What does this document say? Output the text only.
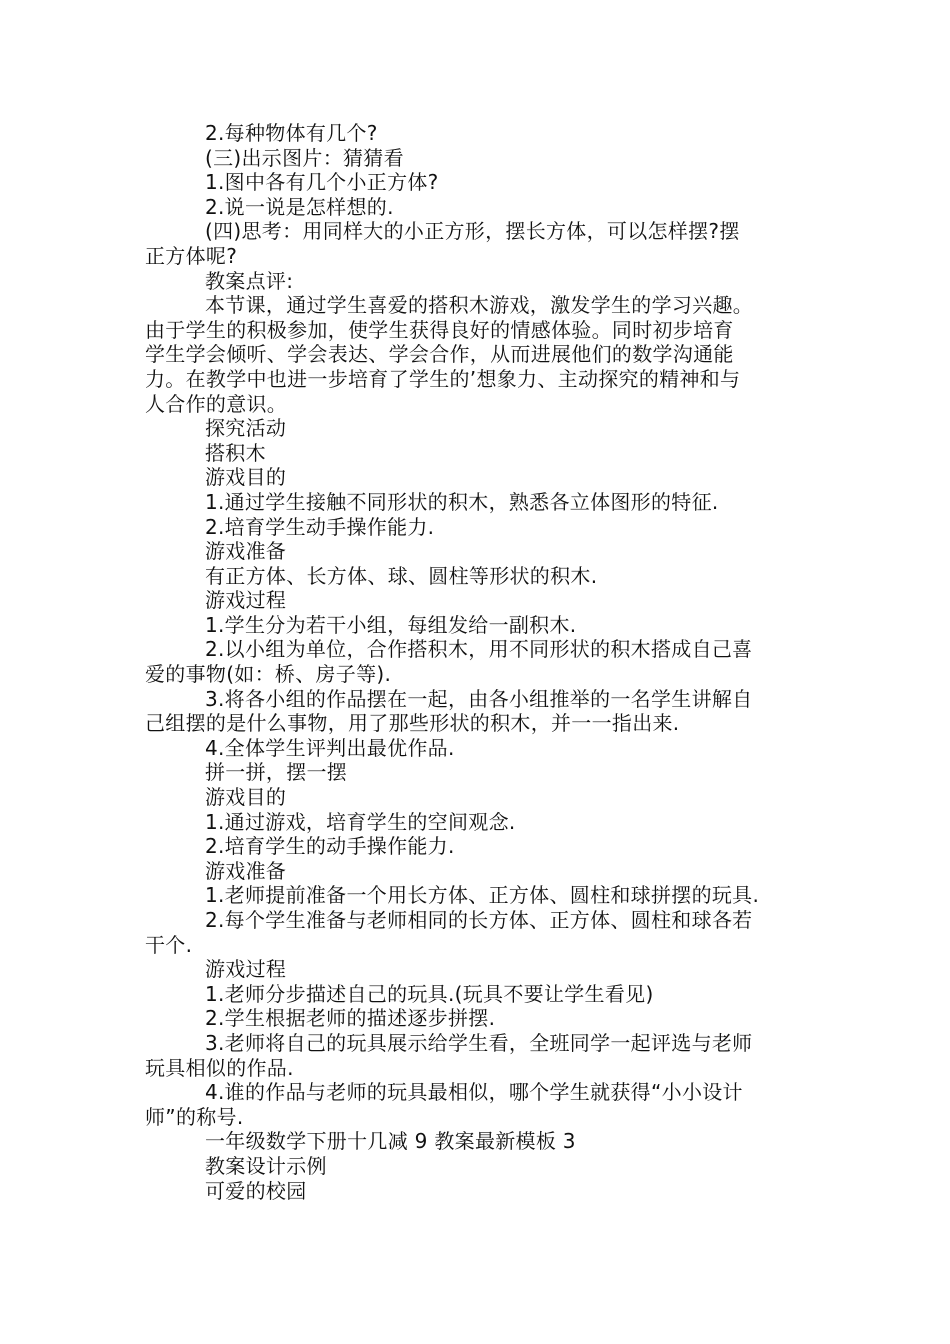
2.每种物体有几个?
(三)出示图片：猜猜看
1.图中各有几个小正方体?
2.说一说是怎样想的.
(四)思考：用同样大的小正方形，摆长方体，可以怎样摆?摆
正方体呢?
教案点评:
本节课，通过学生喜爱的搭积木游戏，激发学生的学习兴趣。
由于学生的积极参加，使学生获得良好的情感体验。同时初步培育
学生学会倾听、学会表达、学会合作，从而进展他们的数学沟通能
力。在教学中也进一步培育了学生的’想象力、主动探究的精神和与
人合作的意识。
探究活动
搭积木
游戏目的
1.通过学生接触不同形状的积木，熟悉各立体图形的特征.
2.培育学生动手操作能力.
游戏准备
有正方体、长方体、球、圆柱等形状的积木.
游戏过程
1.学生分为若干小组，每组发给一副积木.
2.以小组为单位，合作搭积木，用不同形状的积木搭成自己喜
爱的事物(如：桥、房子等).
3.将各小组的作品摆在一起，由各小组推举的一名学生讲解自
己组摆的是什么事物，用了那些形状的积木，并一一指出来.
4.全体学生评判出最优作品.
拼一拼，摆一摆
游戏目的
1.通过游戏，培育学生的空间观念.
2.培育学生的动手操作能力.
游戏准备
1.老师提前准备一个用长方体、正方体、圆柱和球拼摆的玩具.
2.每个学生准备与老师相同的长方体、正方体、圆柱和球各若
干个.
游戏过程
1.老师分步描述自己的玩具.(玩具不要让学生看见)
2.学生根据老师的描述逐步拼摆.
3.老师将自己的玩具展示给学生看，全班同学一起评选与老师
玩具相似的作品.
4.谁的作品与老师的玩具最相似，哪个学生就获得“小小设计
师”的称号.
一年级数学下册十几减 9 教案最新模板 3
教案设计示例
可爱的校园
